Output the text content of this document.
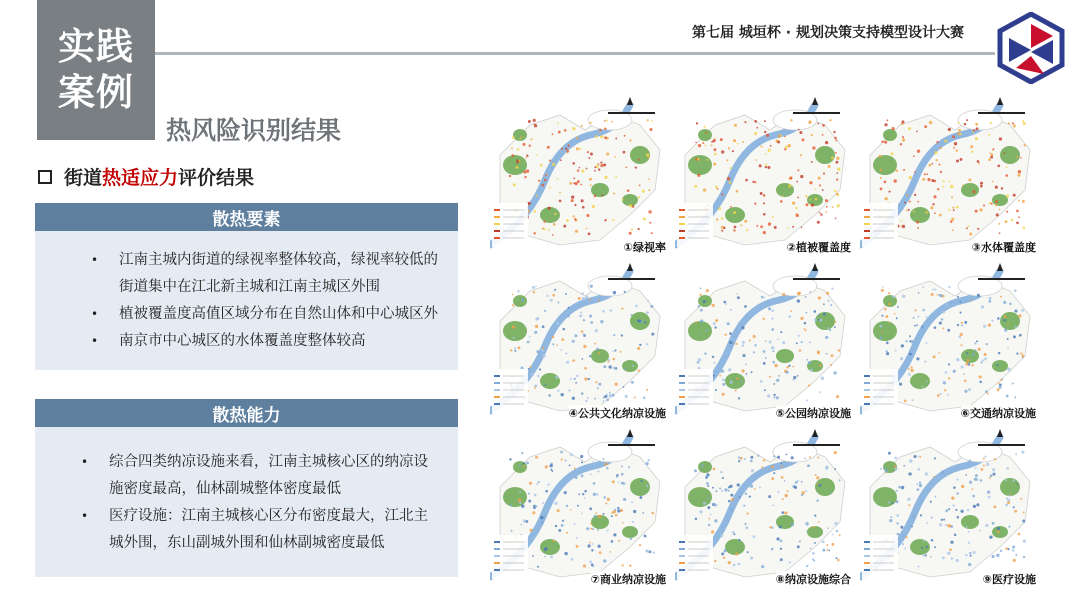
实践
案例
第七届 城垣杯 · 规划决策支持模型设计大赛
热风险识别结果
街道 热适应力 评价结果
散热要素
• 江南主城内街道的绿视率整体较高，绿视率较低的街道集中在江北新主城和江南主城区外围
• 植被覆盖度高值区域分布在自然山体和中心城区外
• 南京市中心城区的水体覆盖度整体较高
散热能力
• 综合四类纳凉设施来看，江南主城核心区的纳凉设施密度最高，仙林副城整体密度最低
• 医疗设施：江南主城核心区分布密度最大，江北主城外围，东山副城外围和仙林副城密度最低
①绿视率	②植被覆盖度	③水体覆盖度
④公共文化纳凉设施	⑤公园纳凉设施	⑥交通纳凉设施
⑦商业纳凉设施	⑧纳凉设施综合	⑨医疗设施
